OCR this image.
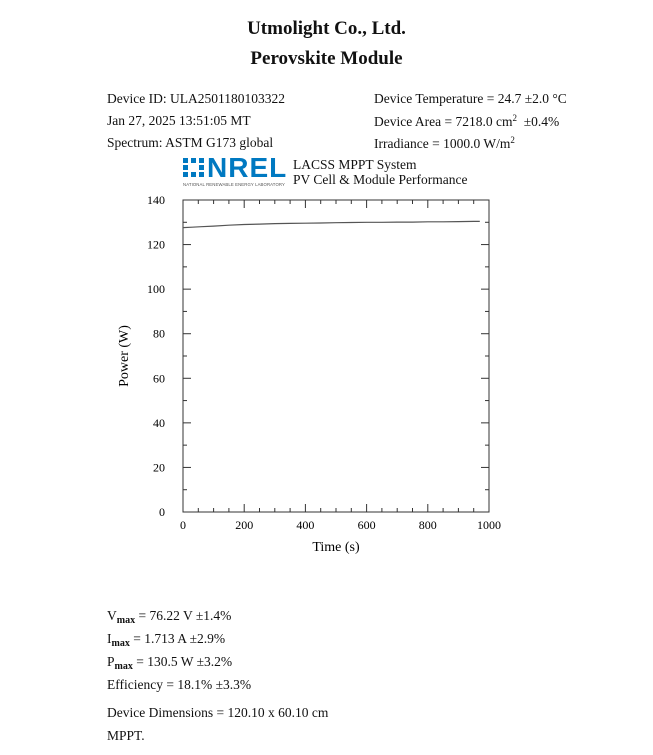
Utmolight Co., Ltd.
Perovskite Module
Device ID: ULA2501180103322
Jan 27, 2025 13:51:05 MT
Spectrum: ASTM G173 global
Device Temperature = 24.7 ±2.0 °C
Device Area = 7218.0 $cm^2 \pm 0.4\%$
Irradiance = 1000.0 $W/m^2$
NREL
NATIONAL RENEWABLE ENERGY LABORATORY
LACSS MPPT System
PV Cell & Module Performance
0	200	400	600	800	1000
0
20
40
60
80
100
120
140
Time (s)
Power (W)
$V_{max} = 76.22$ V ±1.4%
$I_{max} = 1.713$ A ±2.9%
$P_{max} = 130.5$ W ±3.2%
Efficiency = 18.1% ±3.3%
Device Dimensions = 120.10 x 60.10 cm
MPPT.
